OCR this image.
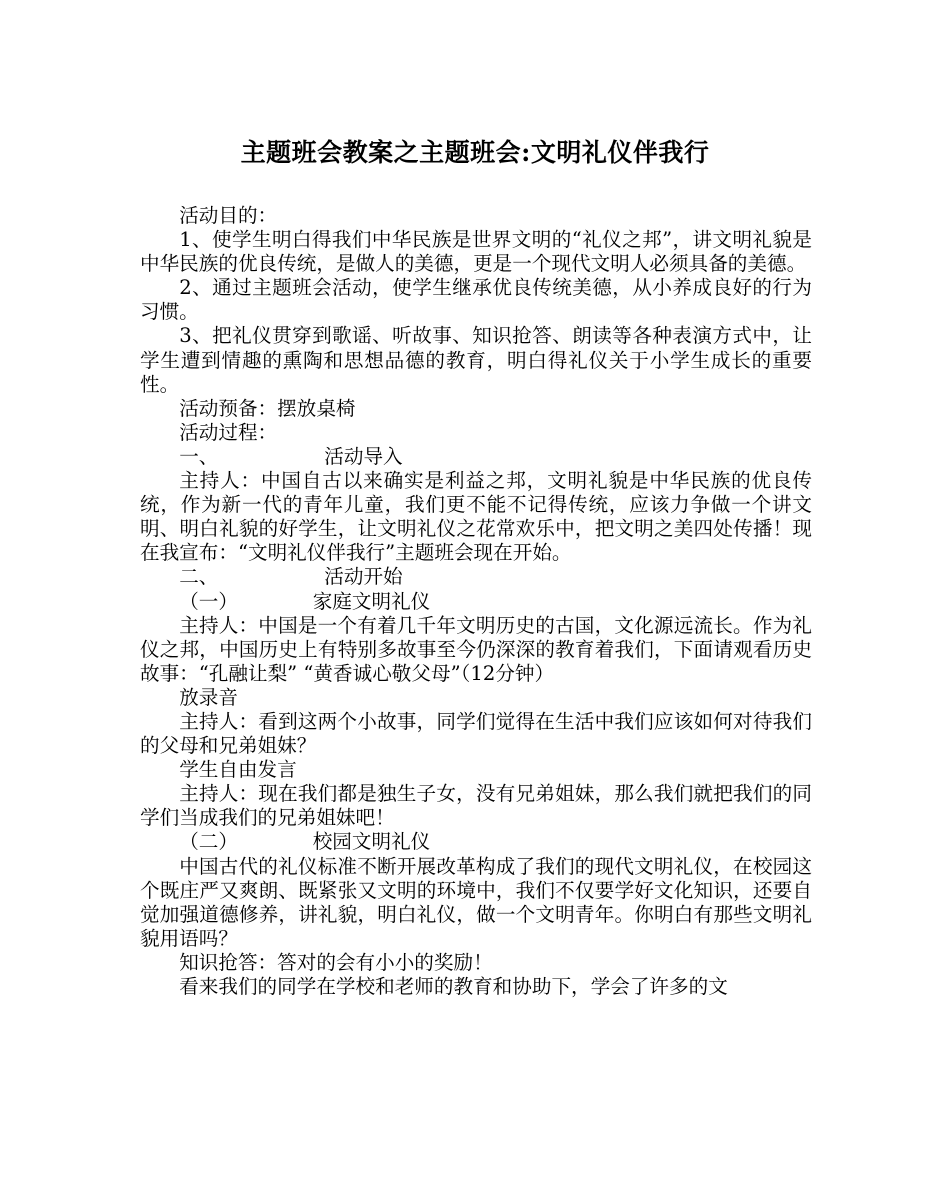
主题班会教案之主题班会:文明礼仪伴我行

活动目的：

1、使学生明白得我们中华民族是世界文明的“礼仪之邦”，讲文明礼貌是中华民族的优良传统，是做人的美德，更是一个现代文明人必须具备的美德。

2、通过主题班会活动，使学生继承优良传统美德，从小养成良好的行为习惯。

3、把礼仪贯穿到歌谣、听故事、知识抢答、朗读等各种表演方式中，让学生遭到情趣的熏陶和思想品德的教育，明白得礼仪关于小学生成长的重要性。

活动预备：摆放桌椅

活动过程：

一、                 活动导入

主持人：中国自古以来确实是利益之邦，文明礼貌是中华民族的优良传统，作为新一代的青年儿童，我们更不能不记得传统，应该力争做一个讲文明、明白礼貌的好学生，让文明礼仪之花常欢乐中，把文明之美四处传播！现在我宣布：“文明礼仪伴我行”主题班会现在开始。

二、                 活动开始

（一）            家庭文明礼仪

主持人：中国是一个有着几千年文明历史的古国，文化源远流长。作为礼仪之邦，中国历史上有特别多故事至今仍深深的教育着我们，下面请观看历史故事：“孔融让梨” “黄香诚心敬父母”（12分钟）

放录音

主持人：看到这两个小故事，同学们觉得在生活中我们应该如何对待我们的父母和兄弟姐妹？

学生自由发言

主持人：现在我们都是独生子女，没有兄弟姐妹，那么我们就把我们的同学们当成我们的兄弟姐妹吧！

（二）            校园文明礼仪

中国古代的礼仪标准不断开展改革构成了我们的现代文明礼仪，在校园这个既庄严又爽朗、既紧张又文明的环境中，我们不仅要学好文化知识，还要自觉加强道德修养，讲礼貌，明白礼仪，做一个文明青年。你明白有那些文明礼貌用语吗？

知识抢答：答对的会有小小的奖励！

看来我们的同学在学校和老师的教育和协助下，学会了许多的文
